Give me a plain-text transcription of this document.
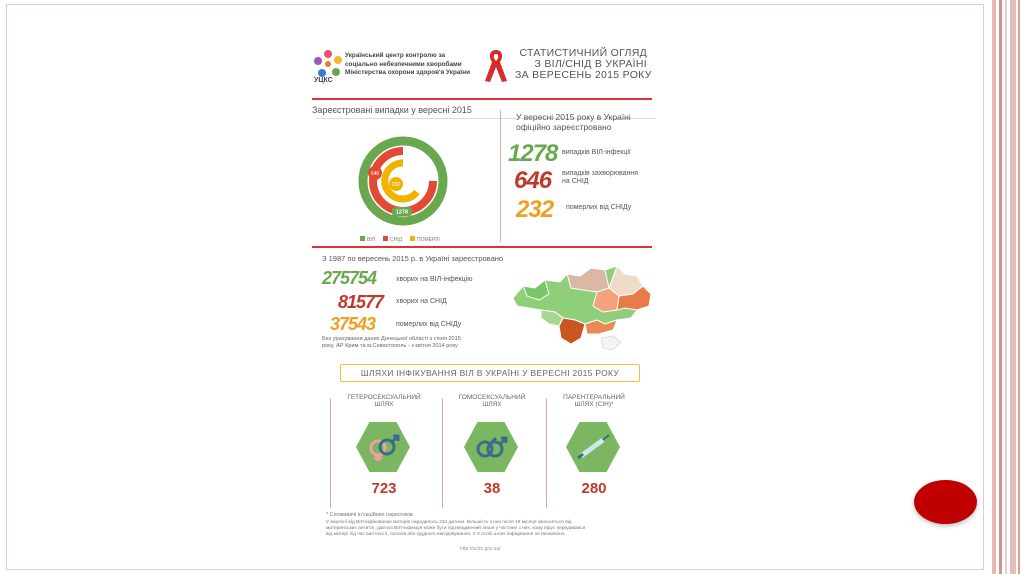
УЦКС
Український центр контролю за
соціально небезпечними хворобами
Міністерства охорони здоров'я України
СТАТИСТИЧНИЙ ОГЛЯД
З ВІЛ/СНІД В УКРАЇНІ
ЗА ВЕРЕСЕНЬ 2015 РОКУ
Зареєстровані випадки у вересні 2015
646
232
1278
ВІЛ	СНІД	ПОМЕРЛІ
У вересні 2015 року в Україні
офіційно зареєстровано
1278 випадків ВІЛ-інфекції
646 випадків захворювання
на СНІД
232 померлих від СНІДу
З 1987 по вересень 2015 р. в Україні зареєстровано
275754	хворих на ВІЛ-інфекцію
81577 хворих на СНІД
37543	померлих від СНІДу
Без урахування даних Донецької області з січня 2015
року, АР Крим та м.Севастополь - з квітня 2014 року
ШЛЯХИ ІНФІКУВАННЯ ВІЛ В УКРАЇНІ У ВЕРЕСНІ 2015 РОКУ
ГЕТЕРОСЕКСУАЛЬНИЙ
ШЛЯХ
723
ГОМОСЕКСУАЛЬНИЙ
ШЛЯХ
38
ПАРЕНТЕРАЛЬНИЙ
ШЛЯХ (СІН)*
280
* Споживачі ін'єкційних наркотиків
У вересні від ВІЛ-інфікованих матерів народилось 234 дитини. Більшість з них після 18 місяця звільняться від
материнських антитіл, діагноз ВІЛ-інфекція може бути підтверджений лише у частини з них, кому вірус передавався
від матері під час вагітності, пологів або грудного вигодовування. У 3 особі шлях інфікування не визначено.
http://ucdc.gov.ua/
